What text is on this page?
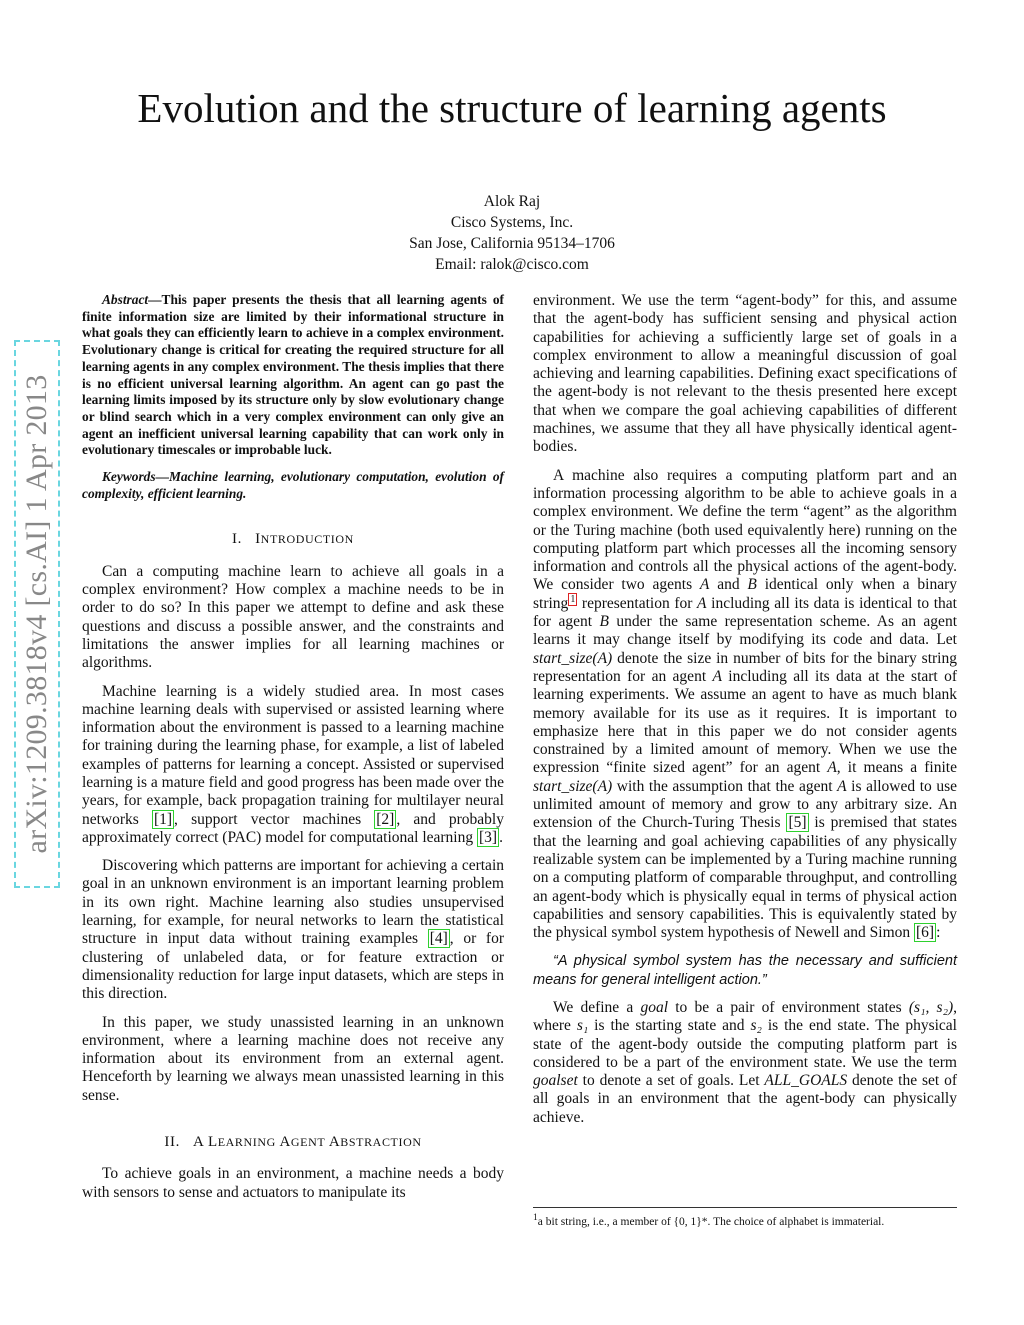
Evolution and the structure of learning agents
Alok Raj
Cisco Systems, Inc.
San Jose, California 95134–1706
Email: ralok@cisco.com
arXiv:1209.3818v4 [cs.AI] 1 Apr 2013

Abstract—This paper presents the thesis that all learning agents of finite information size are limited by their informational structure in what goals they can efficiently learn to achieve in a complex environment. Evolutionary change is critical for creating the required structure for all learning agents in any complex environment. The thesis implies that there is no efficient universal learning algorithm. An agent can go past the learning limits imposed by its structure only by slow evolutionary change or blind search which in a very complex environment can only give an agent an inefficient universal learning capability that can work only in evolutionary timescales or improbable luck.

Keywords—Machine learning, evolutionary computation, evolution of complexity, efficient learning.

I. INTRODUCTION

Can a computing machine learn to achieve all goals in a complex environment? How complex a machine needs to be in order to do so? In this paper we attempt to define and ask these questions and discuss a possible answer, and the constraints and limitations the answer implies for all learning machines or algorithms.

Machine learning is a widely studied area. In most cases machine learning deals with supervised or assisted learning where information about the environment is passed to a learning machine for training during the learning phase, for example, a list of labeled examples of patterns for learning a concept. Assisted or supervised learning is a mature field and good progress has been made over the years, for example, back propagation training for multilayer neural networks [1] , support vector machines [2] , and probably approximately correct (PAC) model for computational learning [3] .

Discovering which patterns are important for achieving a certain goal in an unknown environment is an important learning problem in its own right. Machine learning also studies unsupervised learning, for example, for neural networks to learn the statistical structure in input data without training examples [4] , or for clustering of unlabeled data, or for feature extraction or dimensionality reduction for large input datasets, which are steps in this direction.

In this paper, we study unassisted learning in an unknown environment, where a learning machine does not receive any information about its environment from an external agent. Henceforth by learning we always mean unassisted learning in this sense.

II. A LEARNING AGENT ABSTRACTION

To achieve goals in an environment, a machine needs a body with sensors to sense and actuators to manipulate its

environment. We use the term “agent-body” for this, and assume that the agent-body has sufficient sensing and physical action capabilities for achieving a sufficiently large set of goals in a complex environment to allow a meaningful discussion of goal achieving and learning capabilities. Defining exact specifications of the agent-body is not relevant to the thesis presented here except that when we compare the goal achieving capabilities of different machines, we assume that they all have physically identical agent-bodies.

A machine also requires a computing platform part and an information processing algorithm to be able to achieve goals in a complex environment. We define the term “agent” as the algorithm or the Turing machine (both used equivalently here) running on the computing platform part which processes all the incoming sensory information and controls all the physical actions of the agent-body. We consider two agents A and B identical only when a binary string $^1$ representation for A including all its data is identical to that for agent B under the same representation scheme. As an agent learns it may change itself by modifying its code and data. Let start_size(A) denote the size in number of bits for the binary string representation for an agent A including all its data at the start of learning experiments. We assume an agent to have as much blank memory available for its use as it requires. It is important to emphasize here that in this paper we do not consider agents constrained by a limited amount of memory. When we use the expression “finite sized agent” for an agent A, it means a finite start_size(A) with the assumption that the agent A is allowed to use unlimited amount of memory and grow to any arbitrary size. An extension of the Church-Turing Thesis [5] is premised that states that the learning and goal achieving capabilities of any physically realizable system can be implemented by a Turing machine running on a computing platform of comparable throughput, and controlling an agent-body which is physically equal in terms of physical action capabilities and sensory capabilities. This is equivalently stated by the physical symbol system hypothesis of Newell and Simon [6] :

“A physical symbol system has the necessary and sufficient means for general intelligent action.”

We define a goal to be a pair of environment states (s₁, s₂), where s₁ is the starting state and s₂ is the end state. The physical state of the agent-body outside the computing platform part is considered to be a part of the environment state. We use the term goalset to denote a set of goals. Let ALL_GOALS denote the set of all goals in an environment that the agent-body can physically achieve.

$^1$a bit string, i.e., a member of {0, 1}*. The choice of alphabet is immaterial.
